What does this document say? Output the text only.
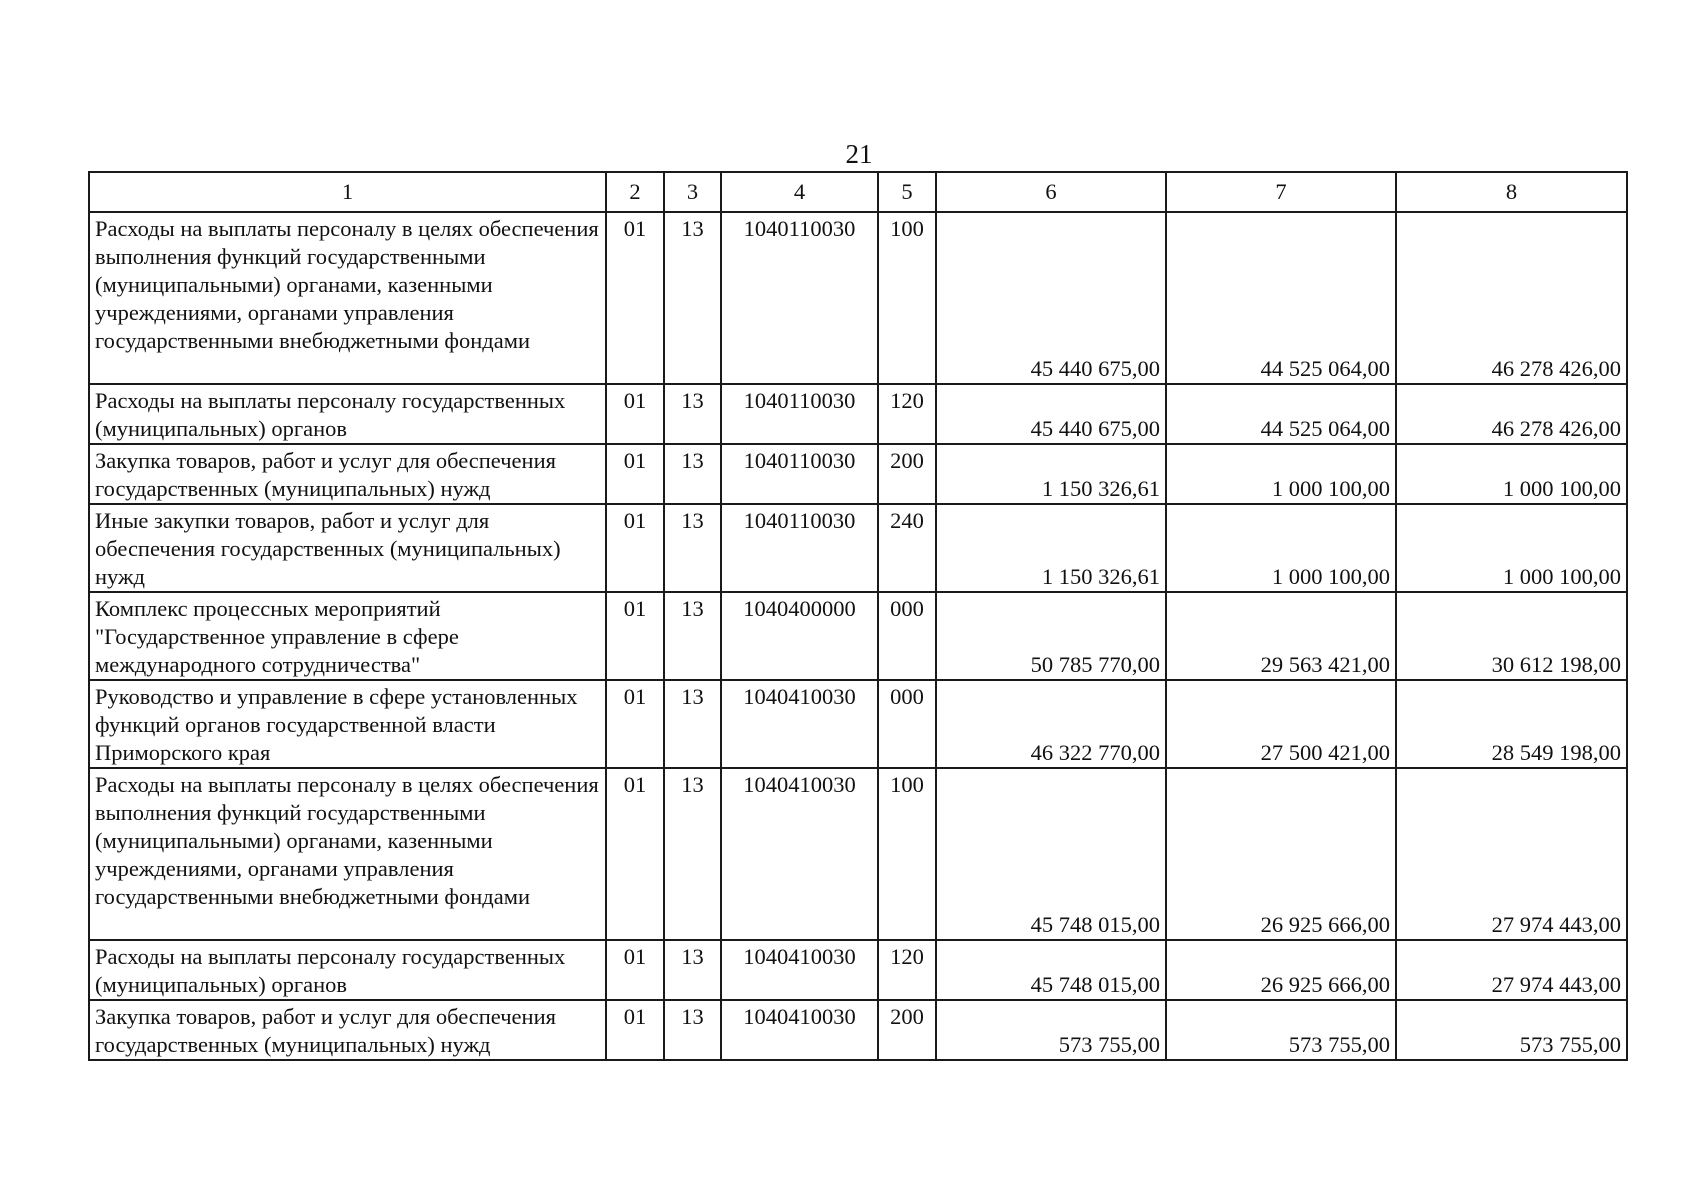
21
1	2	3	4	5	6	7	8
Расходы на выплаты персоналу в целях обеспечения выполнения функций государственными (муниципальными) органами, казенными учреждениями, органами управления государственными внебюджетными фондами	01	13	1040110030	100	45 440 675,00	44 525 064,00	46 278 426,00
Расходы на выплаты персоналу государственных (муниципальных) органов	01	13	1040110030	120	45 440 675,00	44 525 064,00	46 278 426,00
Закупка товаров, работ и услуг для обеспечения государственных (муниципальных) нужд	01	13	1040110030	200	1 150 326,61	1 000 100,00	1 000 100,00
Иные закупки товаров, работ и услуг для обеспечения государственных (муниципальных) нужд	01	13	1040110030	240	1 150 326,61	1 000 100,00	1 000 100,00
Комплекс процессных мероприятий "Государственное управление в сфере международного сотрудничества"	01	13	1040400000	000	50 785 770,00	29 563 421,00	30 612 198,00
Руководство и управление в сфере установленных функций органов государственной власти Приморского края	01	13	1040410030	000	46 322 770,00	27 500 421,00	28 549 198,00
Расходы на выплаты персоналу в целях обеспечения выполнения функций государственными (муниципальными) органами, казенными учреждениями, органами управления государственными внебюджетными фондами	01	13	1040410030	100	45 748 015,00	26 925 666,00	27 974 443,00
Расходы на выплаты персоналу государственных (муниципальных) органов	01	13	1040410030	120	45 748 015,00	26 925 666,00	27 974 443,00
Закупка товаров, работ и услуг для обеспечения государственных (муниципальных) нужд	01	13	1040410030	200	573 755,00	573 755,00	573 755,00
